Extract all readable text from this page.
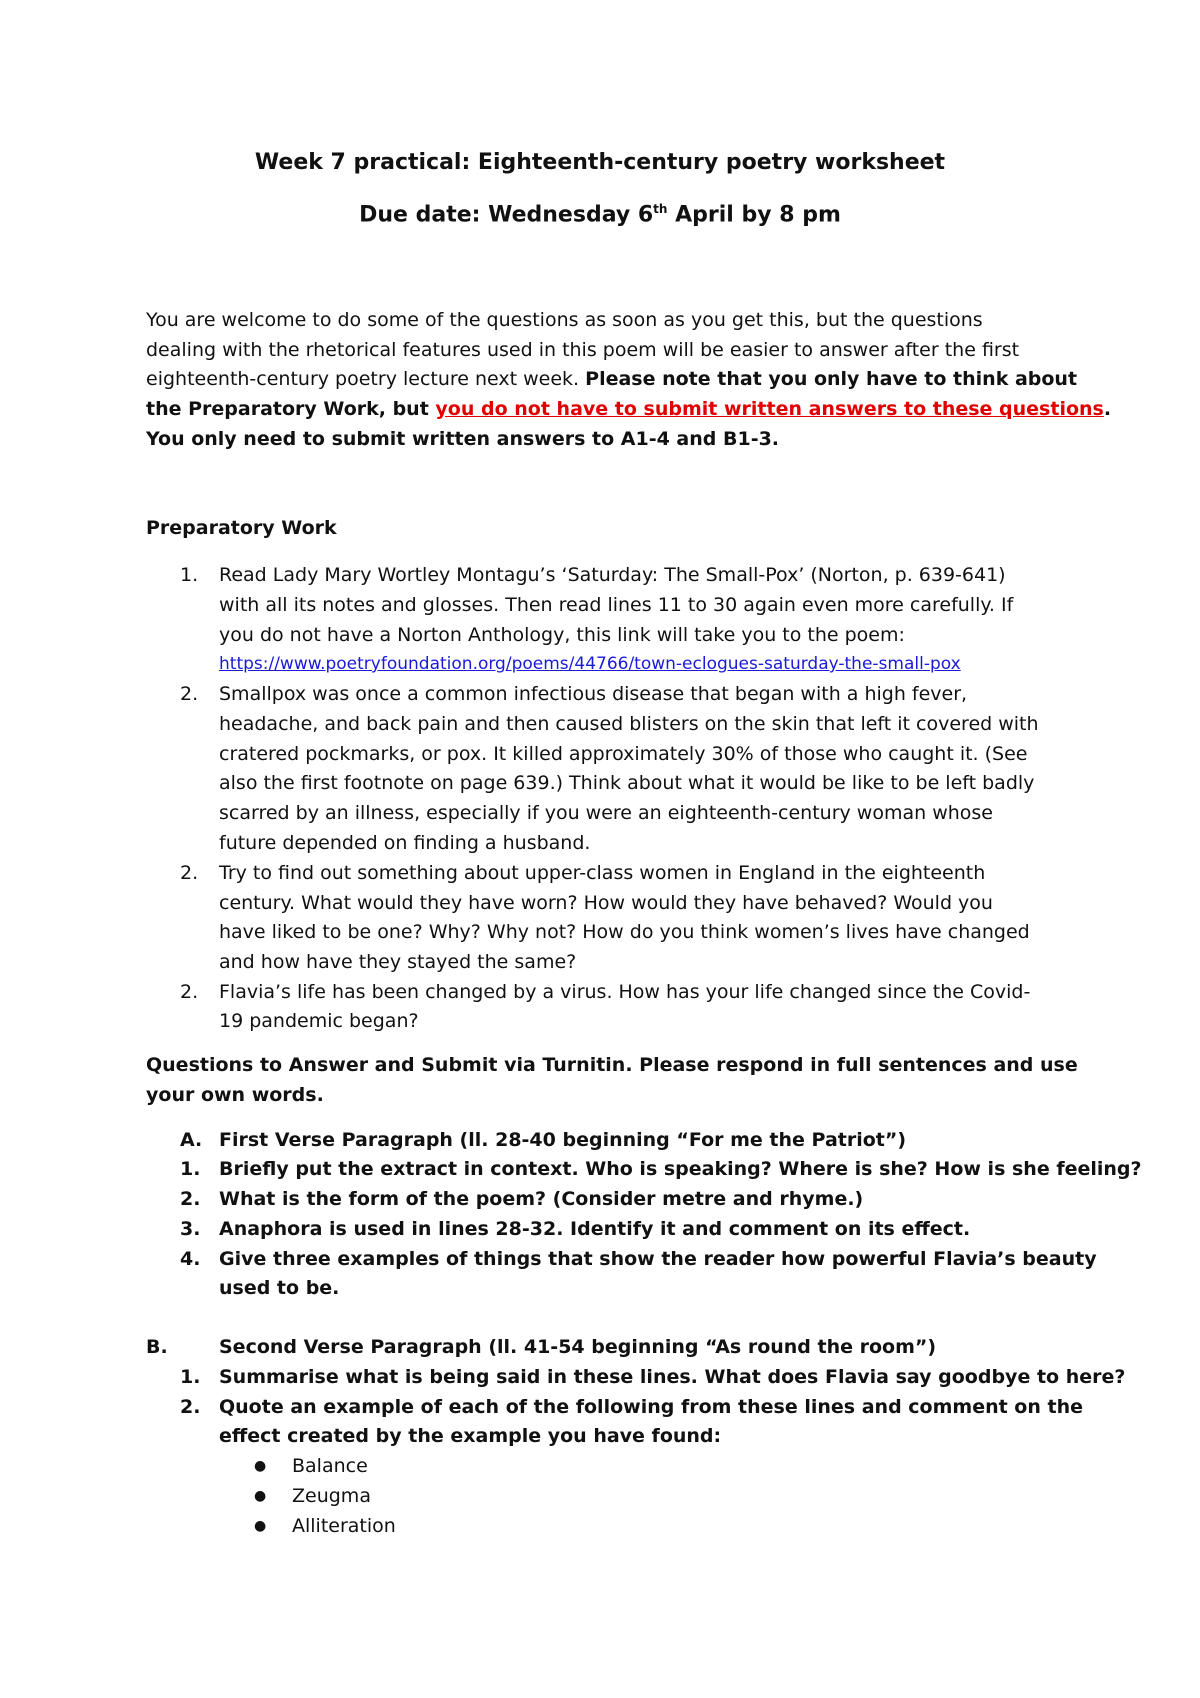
Week 7 practical: Eighteenth-century poetry worksheet

Due date: Wednesday 6th April by 8 pm

You are welcome to do some of the questions as soon as you get this, but the questions

dealing with the rhetorical features used in this poem will be easier to answer after the first

eighteenth-century poetry lecture next week. Please note that you only have to think about

the Preparatory Work, but you do not have to submit written answers to these questions.

You only need to submit written answers to A1-4 and B1-3.

Preparatory Work

1. Read Lady Mary Wortley Montagu’s ‘Saturday: The Small-Pox’ (Norton, p. 639-641)
with all its notes and glosses. Then read lines 11 to 30 again even more carefully. If
you do not have a Norton Anthology, this link will take you to the poem:
https://www.poetryfoundation.org/poems/44766/town-eclogues-saturday-the-small-pox
2. Smallpox was once a common infectious disease that began with a high fever,
headache, and back pain and then caused blisters on the skin that left it covered with
cratered pockmarks, or pox. It killed approximately 30% of those who caught it. (See
also the first footnote on page 639.) Think about what it would be like to be left badly
scarred by an illness, especially if you were an eighteenth-century woman whose
future depended on finding a husband.
2. Try to find out something about upper-class women in England in the eighteenth
century. What would they have worn? How would they have behaved? Would you
have liked to be one? Why? Why not? How do you think women’s lives have changed
and how have they stayed the same?
2. Flavia’s life has been changed by a virus. How has your life changed since the Covid-
19 pandemic began?

Questions to Answer and Submit via Turnitin. Please respond in full sentences and use

your own words.

A. First Verse Paragraph (ll. 28-40 beginning “For me the Patriot”)
1. Briefly put the extract in context. Who is speaking? Where is she? How is she feeling?
2. What is the form of the poem? (Consider metre and rhyme.)
3. Anaphora is used in lines 28-32. Identify it and comment on its effect.
4. Give three examples of things that show the reader how powerful Flavia’s beauty
used to be.
B.	Second Verse Paragraph (ll. 41-54 beginning “As round the room”)
1. Summarise what is being said in these lines. What does Flavia say goodbye to here?
2. Quote an example of each of the following from these lines and comment on the
effect created by the example you have found:
● Balance
● Zeugma
● Alliteration
